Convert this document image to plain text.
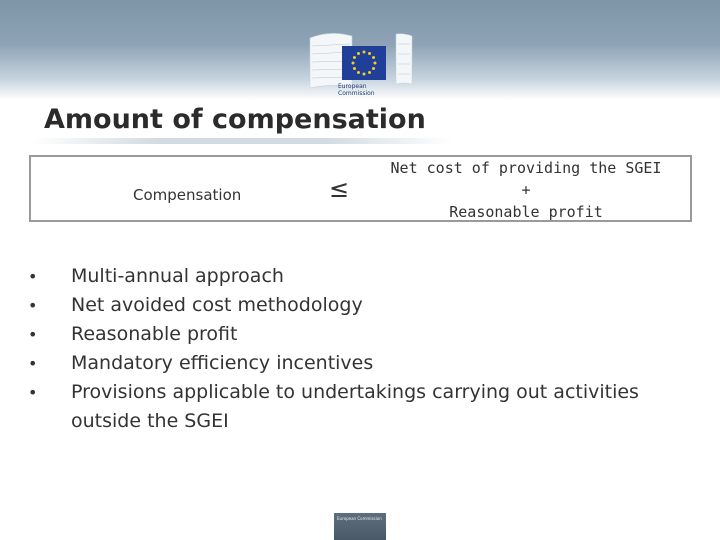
European Commission
Amount of compensation
Compensation	≤
Net cost of providing the SGEI
+
Reasonable profit
• Multi-annual approach
• Net avoided cost methodology
• Reasonable profit
• Mandatory efficiency incentives
• Provisions applicable to undertakings carrying out activities outside the SGEI
European Commission
